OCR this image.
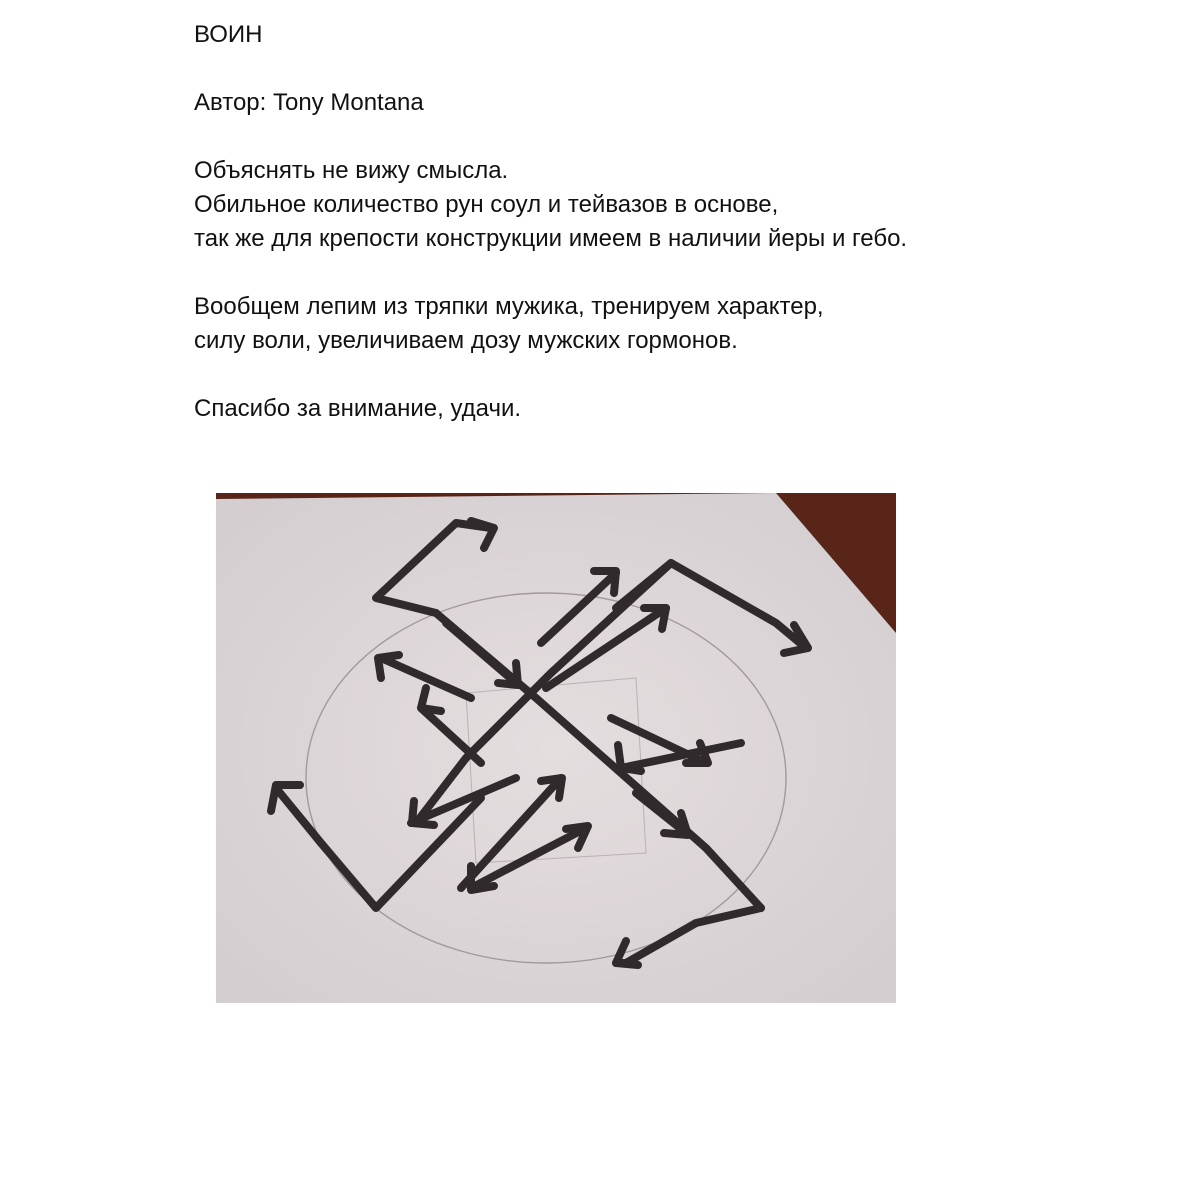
ВОИН
Автор: Tony Montana
Объяснять не вижу смысла.
Обильное количество рун соул и тейвазов в основе,
так же для крепости конструкции имеем в наличии йеры и гебо.
Вообщем лепим из тряпки мужика, тренируем характер,
силу воли, увеличиваем дозу мужских гормонов.
Спасибо за внимание, удачи.
